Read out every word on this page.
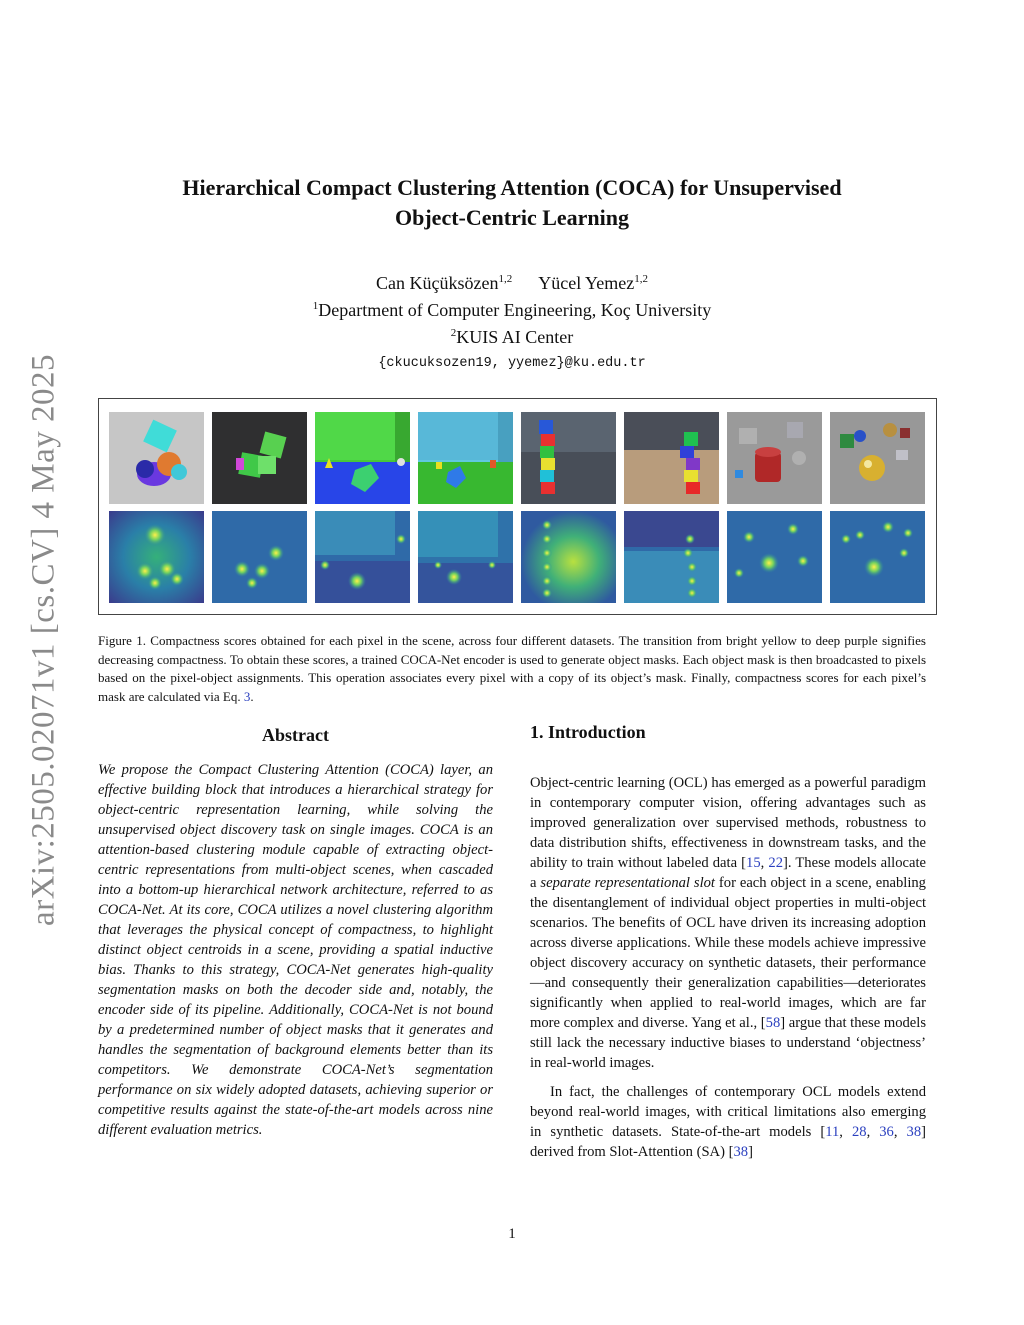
arXiv:2505.02071v1 [cs.CV] 4 May 2025
Hierarchical Compact Clustering Attention (COCA) for Unsupervised
Object-Centric Learning
Can Küçüksözen$^{1,2}$ Yücel Yemez$^{1,2}$
$^1$Department of Computer Engineering, Koç University
$^2$KUIS AI Center
{ckucuksozen19, yyemez}@ku.edu.tr
Figure 1. Compactness scores obtained for each pixel in the scene, across four different datasets. The transition from bright yellow to deep purple signifies decreasing compactness. To obtain these scores, a trained COCA-Net encoder is used to generate object masks. Each object mask is then broadcasted to pixels based on the pixel-object assignments. This operation associates every pixel with a copy of its object’s mask. Finally, compactness scores for each pixel’s mask are calculated via Eq. 3.
Abstract

We propose the Compact Clustering Attention (COCA) layer, an effective building block that introduces a hierarchical strategy for object-centric representation learning, while solving the unsupervised object discovery task on single images. COCA is an attention-based clustering module capable of extracting object-centric representations from multi-object scenes, when cascaded into a bottom-up hierarchical network architecture, referred to as COCA-Net. At its core, COCA utilizes a novel clustering algorithm that leverages the physical concept of compactness, to highlight distinct object centroids in a scene, providing a spatial inductive bias. Thanks to this strategy, COCA-Net generates high-quality segmentation masks on both the decoder side and, notably, the encoder side of its pipeline. Additionally, COCA-Net is not bound by a predetermined number of object masks that it generates and handles the segmentation of background elements better than its competitors. We demonstrate COCA-Net’s segmentation performance on six widely adopted datasets, achieving superior or competitive results against the state-of-the-art models across nine different evaluation metrics.

1. Introduction

Object-centric learning (OCL) has emerged as a powerful paradigm in contemporary computer vision, offering advantages such as improved generalization over supervised methods, robustness to data distribution shifts, effectiveness in downstream tasks, and the ability to train without labeled data [15, 22]. These models allocate a separate representational slot for each object in a scene, enabling the disentanglement of individual object properties in multi-object scenarios. The benefits of OCL have driven its increasing adoption across diverse applications. While these models achieve impressive object discovery accuracy on synthetic datasets, their performance—and consequently their generalization capabilities—deteriorates significantly when applied to real-world images, which are far more complex and diverse. Yang et al., [58] argue that these models still lack the necessary inductive biases to understand ‘objectness’ in real-world images.

In fact, the challenges of contemporary OCL models extend beyond real-world images, with critical limitations also emerging in synthetic datasets. State-of-the-art models [11, 28, 36, 38] derived from Slot-Attention (SA) [38]

1
